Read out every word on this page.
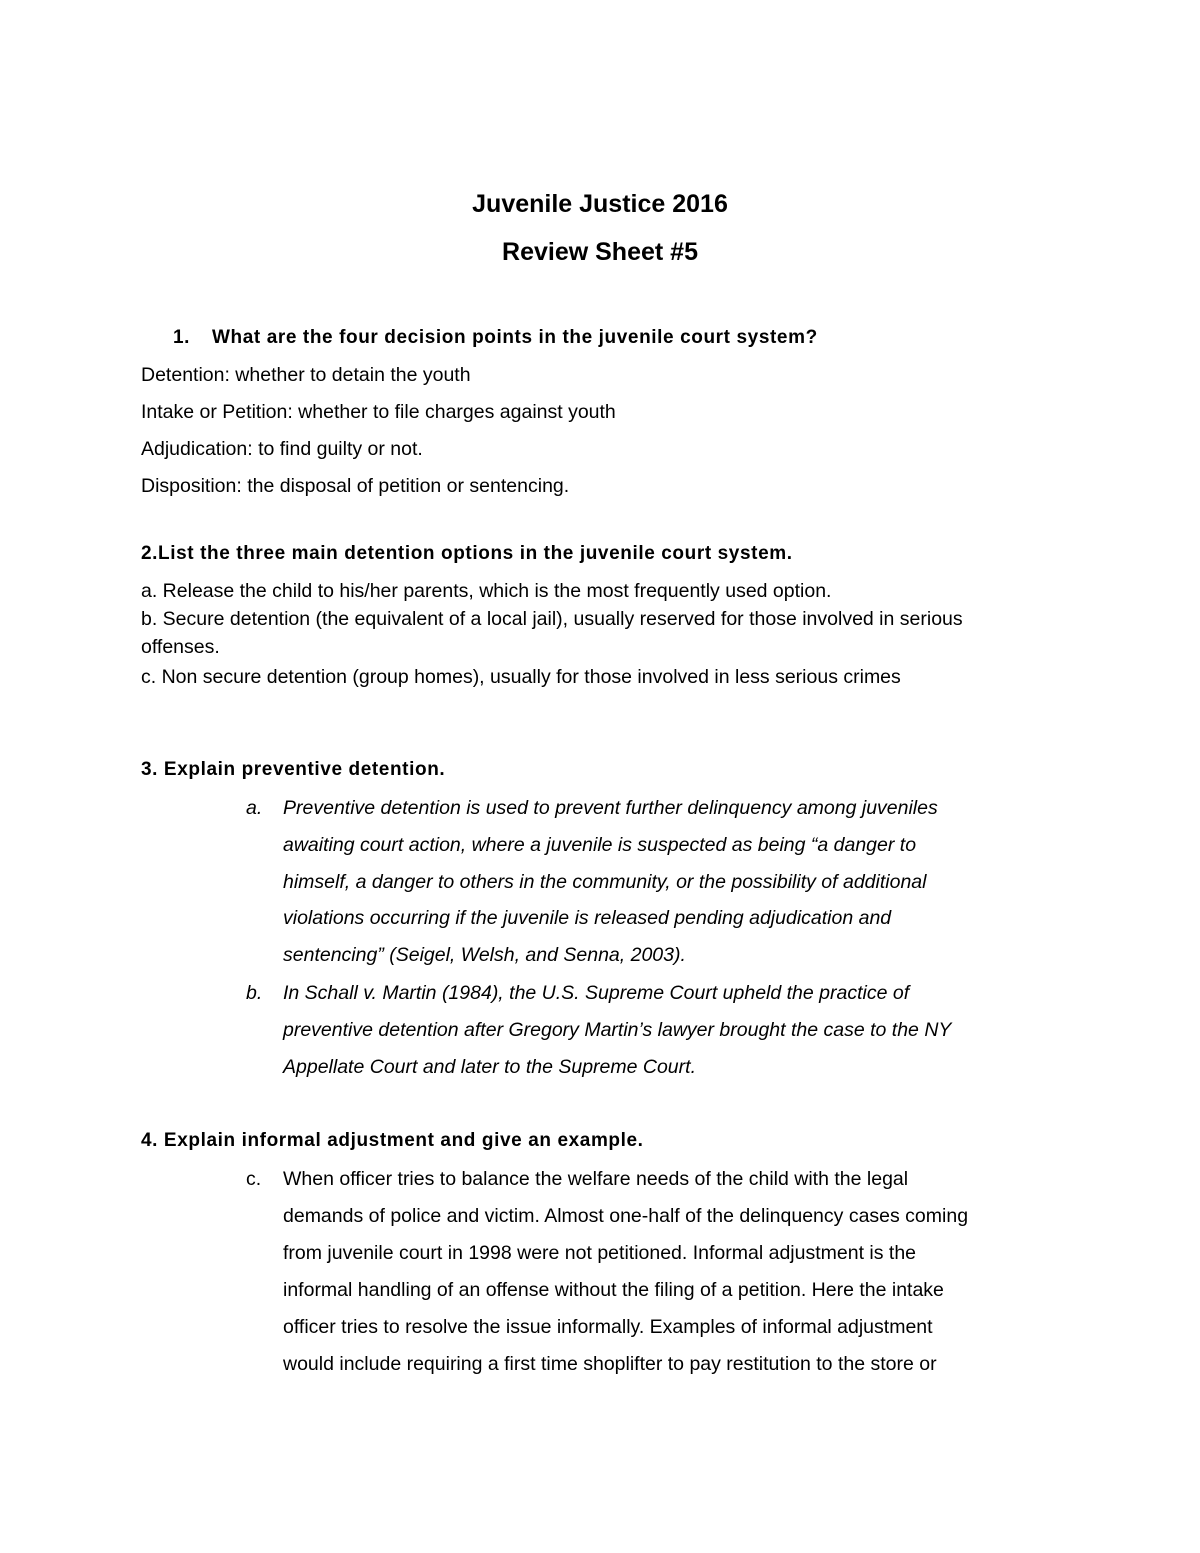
Juvenile Justice 2016
Review Sheet #5
1. What are the four decision points in the juvenile court system?
Detention: whether to detain the youth
Intake or Petition: whether to file charges against youth
Adjudication: to find guilty or not.
Disposition: the disposal of petition or sentencing.
2.List the three main detention options in the juvenile court system.
a. Release the child to his/her parents, which is the most frequently used option.
b. Secure detention (the equivalent of a local jail), usually reserved for those involved in serious
offenses.
c. Non secure detention (group homes), usually for those involved in less serious crimes
3. Explain preventive detention.
a. Preventive detention is used to prevent further delinquency among juveniles
awaiting court action, where a juvenile is suspected as being “a danger to
himself, a danger to others in the community, or the possibility of additional
violations occurring if the juvenile is released pending adjudication and
sentencing” (Seigel, Welsh, and Senna, 2003).
b. In Schall v. Martin (1984), the U.S. Supreme Court upheld the practice of
preventive detention after Gregory Martin’s lawyer brought the case to the NY
Appellate Court and later to the Supreme Court.
4. Explain informal adjustment and give an example.
c. When officer tries to balance the welfare needs of the child with the legal
demands of police and victim. Almost one-half of the delinquency cases coming
from juvenile court in 1998 were not petitioned. Informal adjustment is the
informal handling of an offense without the filing of a petition. Here the intake
officer tries to resolve the issue informally. Examples of informal adjustment
would include requiring a first time shoplifter to pay restitution to the store or
